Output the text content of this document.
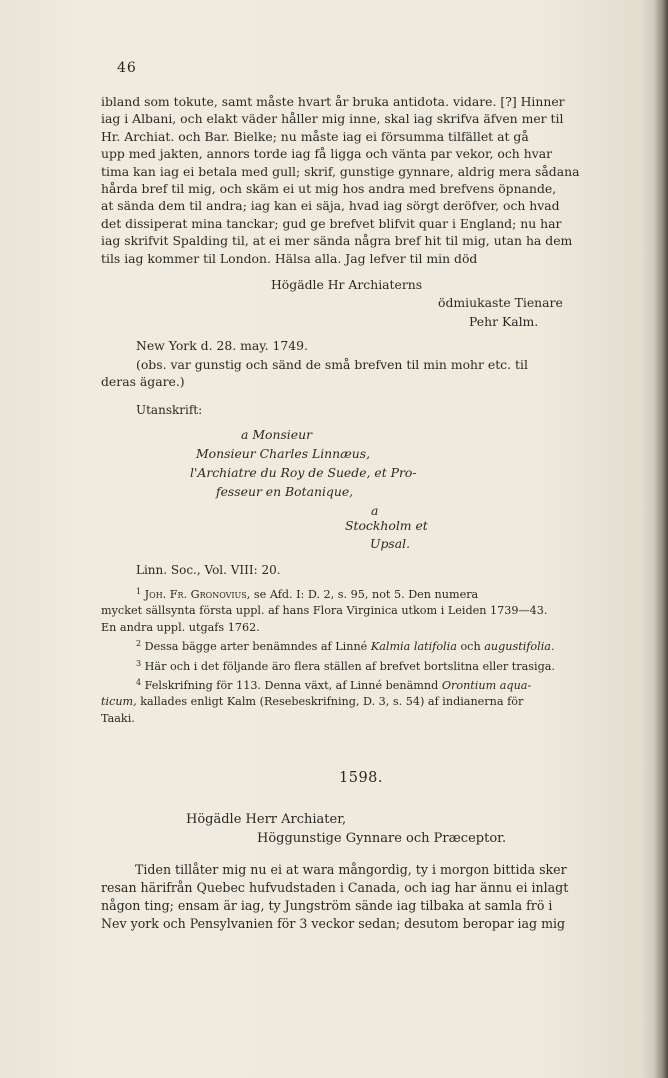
46
ibland som tokute, samt måste hvart år bruka antidota. vidare. [?] Hinner
iag i Albani, och elakt väder håller mig inne, skal iag skrifva äfven mer til
Hr. Archiat. och Bar. Bielke; nu måste iag ei försumma tilfället at gå
upp med jakten, annors torde iag få ligga och vänta par vekor, och hvar
tima kan iag ei betala med gull; skrif, gunstige gynnare, aldrig mera sådana
hårda bref til mig, och skäm ei ut mig hos andra med brefvens öpnande,
at sända dem til andra; iag kan ei säja, hvad iag sörgt deröfver, och hvad
det dissiperat mina tanckar; gud ge brefvet blifvit quar i England; nu har
iag skrifvit Spalding til, at ei mer sända några bref hit til mig, utan ha dem
tils iag kommer til London. Hälsa alla. Jag lefver til min död
Högädle Hr Archiaterns
ödmiukaste Tienare
Pehr Kalm.
New York d. 28. may. 1749.
(obs. var gunstig och sänd de små brefven til min mohr etc. til
deras ägare.)
Utanskrift:
a Monsieur
Monsieur Charles Linnæus,
l'Archiatre du Roy de Suede, et Pro-
fesseur en Botanique,
a
Stockholm et
Upsal.
Linn. Soc., Vol. VIII: 20.
$^1$ Joh. Fr. Gronovius, se Afd. I: D. 2, s. 95, not 5. Den numera
mycket sällsynta första uppl. af hans Flora Virginica utkom i Leiden 1739—43.
En andra uppl. utgafs 1762.
$^2$ Dessa bägge arter benämndes af Linné Kalmia latifolia och augustifolia.
$^3$ Här och i det följande äro flera ställen af brefvet bortslitna eller trasiga.
$^4$ Felskrifning för 113. Denna växt, af Linné benämnd Orontium aqua-
ticum, kallades enligt Kalm (Resebeskrifning, D. 3, s. 54) af indianerna för
Taaki.
1598.
Högädle Herr Archiater,
Höggunstige Gynnare och Præceptor.
Tiden tillåter mig nu ei at wara mångordig, ty i morgon bittida sker
resan härifrån Quebec hufvudstaden i Canada, och iag har ännu ei inlagt
någon ting; ensam är iag, ty Jungström sände iag tilbaka at samla frö i
Nev york och Pensylvanien för 3 veckor sedan; desutom beropar iag mig
